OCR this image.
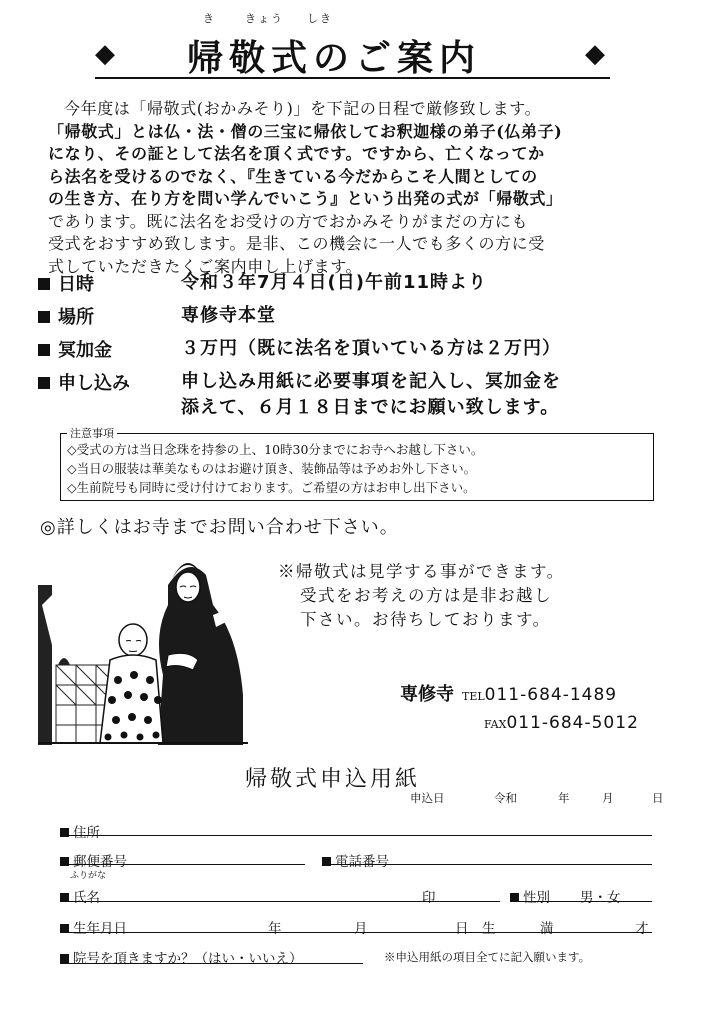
◆
き	きょう しき
帰敬式のご案内	◆

今年度は「帰敬式(おかみそり)」を下記の日程で厳修致します。

「帰敬式」とは仏・法・僧の三宝に帰依してお釈迦様の弟子(仏弟子)

になり、その証として法名を頂く式です。ですから、亡くなってか

ら法名を受けるのでなく、『生きている今だからこそ人間としての

の生き方、在り方を問い学んでいこう』という出発の式が「帰敬式」

であります。既に法名をお受けの方でおかみそりがまだの方にも

受式をおすすめ致します。是非、この機会に一人でも多くの方に受

式していただきたくご案内申し上げます。

日時	令和３年7月４日(日)午前11時より
場所	専修寺本堂
冥加金	３万円（既に法名を頂いている方は２万円）
申し込み	申し込み用紙に必要事項を記入し、冥加金を
添えて、６月１８日までにお願い致します。
注意事項
◇受式の方は当日念珠を持参の上、10時30分までにお寺へお越し下さい。
◇当日の服装は華美なものはお避け頂き、装飾品等は予めお外し下さい。
◇生前院号も同時に受け付けております。ご希望の方はお申し出下さい。
◎詳しくはお寺までお問い合わせ下さい。
※帰敬式は見学する事ができます。
受式をお考えの方は是非お越し
下さい。お待ちしております。
専修寺 TEL011-684-1489
FAX011-684-5012
帰敬式申込用紙
申込日	令和	年	月	日
住所
郵便番号	電話番号
ふりがな
氏名	印	性別 男・女
生年月日	年	月	日 生	満	才
院号を頂きますか？（はい・いいえ）	※申込用紙の項目全てに記入願います。
